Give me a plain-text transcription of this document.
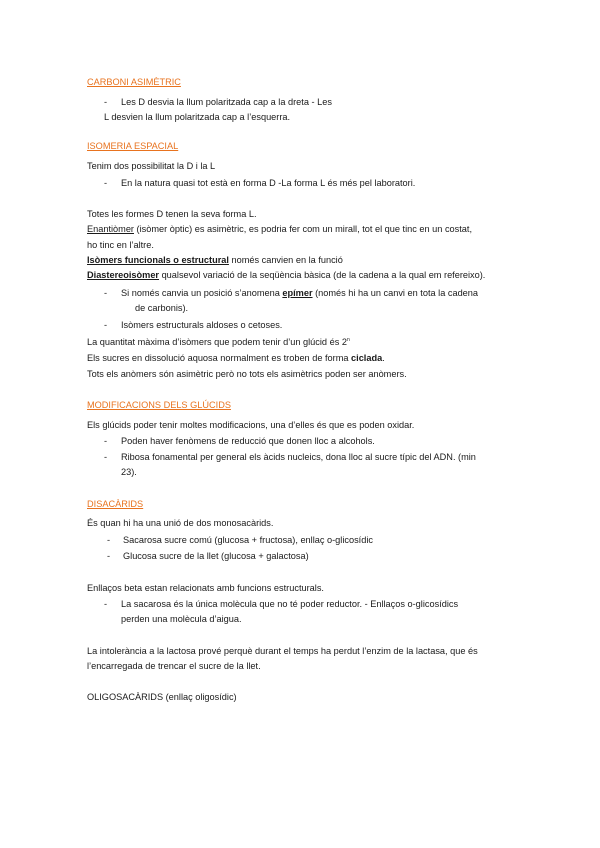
CARBONI ASIMÈTRIC
-	Les D desvia la llum polaritzada cap a la dreta - Les
L desvien la llum polaritzada cap a l’esquerra.
ISOMERIA ESPACIAL
Tenim dos possibilitat la D i la L
-	En la natura quasi tot està en forma D -La forma L és més pel laboratori.
Totes les formes D tenen la seva forma L.
Enantiòmer (isòmer òptic) es asimètric, es podria fer com un mirall, tot el que tinc en un costat,
ho tinc en l’altre.
Isòmers funcionals o estructural només canvien en la funció
Diastereoisòmer qualsevol variació de la seqüència bàsica (de la cadena a la qual em refereixo).
-	Si només canvia un posició s’anomena epímer (només hi ha un canvi en tota la cadena
de carbonis).
-	Isòmers estructurals aldoses o cetoses.
La quantitat màxima d’isòmers que podem tenir d’un glúcid és 2$^n$
Els sucres en dissolució aquosa normalment es troben de forma ciclada.
Tots els anòmers són asimètric però no tots els asimètrics poden ser anòmers.
MODIFICACIONS DELS GLÚCIDS
Els glúcids poder tenir moltes modificacions, una d’elles és que es poden oxidar.
-	Poden haver fenòmens de reducció que donen lloc a alcohols.
-	Ribosa fonamental per general els àcids nucleics, dona lloc al sucre típic del ADN. (min
23).
DISACÀRIDS
És quan hi ha una unió de dos monosacàrids.
-	Sacarosa sucre comú (glucosa + fructosa), enllaç o-glicosídic
-	Glucosa sucre de la llet (glucosa + galactosa)
Enllaços beta estan relacionats amb funcions estructurals.
-	La sacarosa és la única molècula que no té poder reductor. - Enllaços o-glicosídics
perden una molècula d’aigua.
La intolerància a la lactosa prové perquè durant el temps ha perdut l’enzim de la lactasa, que és
l’encarregada de trencar el sucre de la llet.
OLIGOSACÀRIDS (enllaç oligosídic)
